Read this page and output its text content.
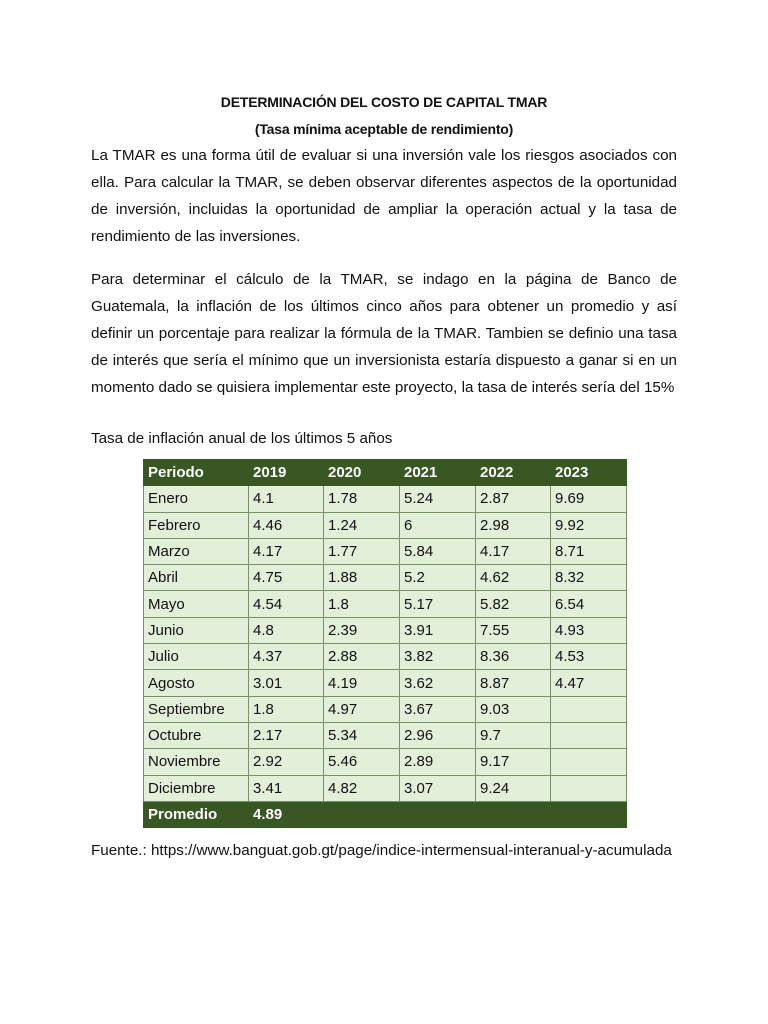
DETERMINACIÓN DEL COSTO DE CAPITAL TMAR
(Tasa mínima aceptable de rendimiento)

La TMAR es una forma útil de evaluar si una inversión vale los riesgos asociados con ella. Para calcular la TMAR, se deben observar diferentes aspectos de la oportunidad de inversión, incluidas la oportunidad de ampliar la operación actual y la tasa de rendimiento de las inversiones.

Para determinar el cálculo de la TMAR, se indago en la página de Banco de Guatemala, la inflación de los últimos cinco años para obtener un promedio y así definir un porcentaje para realizar la fórmula de la TMAR. Tambien se definio una tasa de interés que sería el mínimo que un inversionista estaría dispuesto a ganar si en un momento dado se quisiera implementar este proyecto, la tasa de interés sería del 15%

Tasa de inflación anual de los últimos 5 años
Periodo	2019	2020	2021	2022	2023
Enero	4.1	1.78	5.24	2.87	9.69
Febrero	4.46	1.24	6	2.98	9.92
Marzo	4.17	1.77	5.84	4.17	8.71
Abril	4.75	1.88	5.2	4.62	8.32
Mayo	4.54	1.8	5.17	5.82	6.54
Junio	4.8	2.39	3.91	7.55	4.93
Julio	4.37	2.88	3.82	8.36	4.53
Agosto	3.01	4.19	3.62	8.87	4.47
Septiembre	1.8	4.97	3.67	9.03	
Octubre	2.17	5.34	2.96	9.7	
Noviembre	2.92	5.46	2.89	9.17	
Diciembre	3.41	4.82	3.07	9.24	
Promedio	4.89				
Fuente.: https://www.banguat.gob.gt/page/indice-intermensual-interanual-y-acumulada
